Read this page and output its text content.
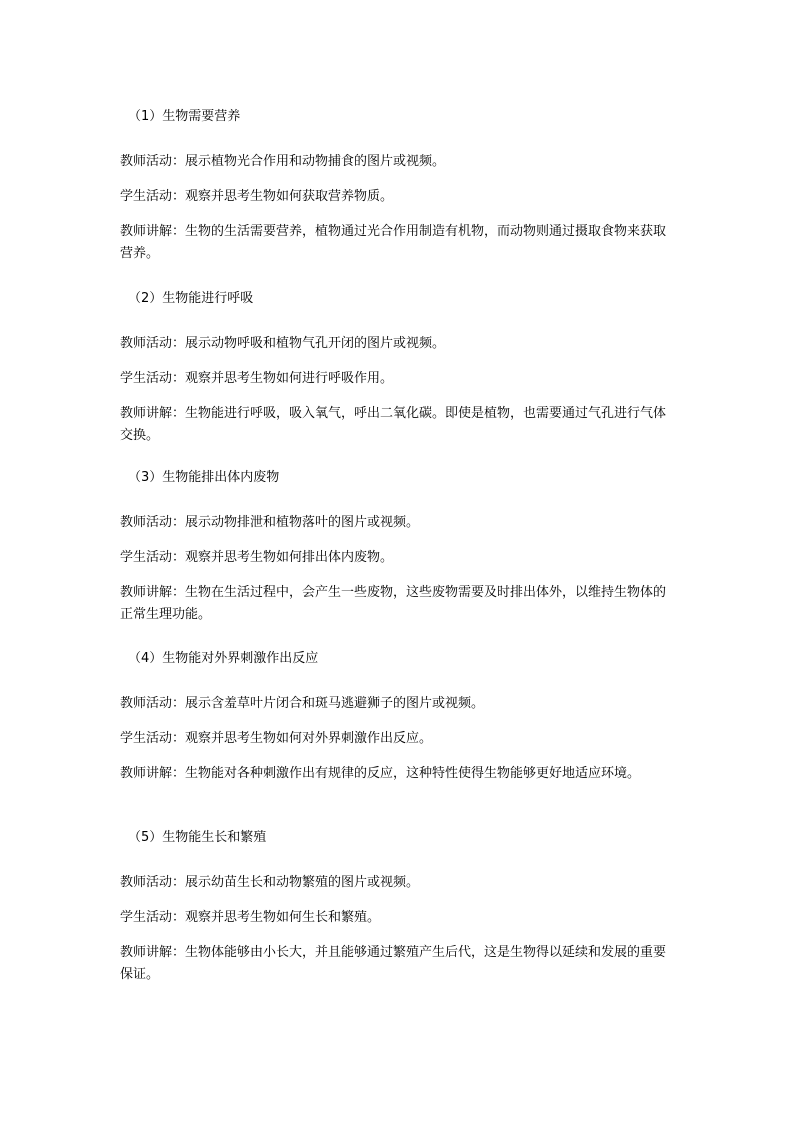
（1）生物需要营养

教师活动：展示植物光合作用和动物捕食的图片或视频。

学生活动：观察并思考生物如何获取营养物质。

教师讲解：生物的生活需要营养，植物通过光合作用制造有机物，而动物则通过摄取食物来获取营养。

（2）生物能进行呼吸

教师活动：展示动物呼吸和植物气孔开闭的图片或视频。

学生活动：观察并思考生物如何进行呼吸作用。

教师讲解：生物能进行呼吸，吸入氧气，呼出二氧化碳。即使是植物，也需要通过气孔进行气体交换。

（3）生物能排出体内废物

教师活动：展示动物排泄和植物落叶的图片或视频。

学生活动：观察并思考生物如何排出体内废物。

教师讲解：生物在生活过程中，会产生一些废物，这些废物需要及时排出体外，以维持生物体的正常生理功能。

（4）生物能对外界刺激作出反应

教师活动：展示含羞草叶片闭合和斑马逃避狮子的图片或视频。

学生活动：观察并思考生物如何对外界刺激作出反应。

教师讲解：生物能对各种刺激作出有规律的反应，这种特性使得生物能够更好地适应环境。

（5）生物能生长和繁殖

教师活动：展示幼苗生长和动物繁殖的图片或视频。

学生活动：观察并思考生物如何生长和繁殖。

教师讲解：生物体能够由小长大，并且能够通过繁殖产生后代，这是生物得以延续和发展的重要保证。
